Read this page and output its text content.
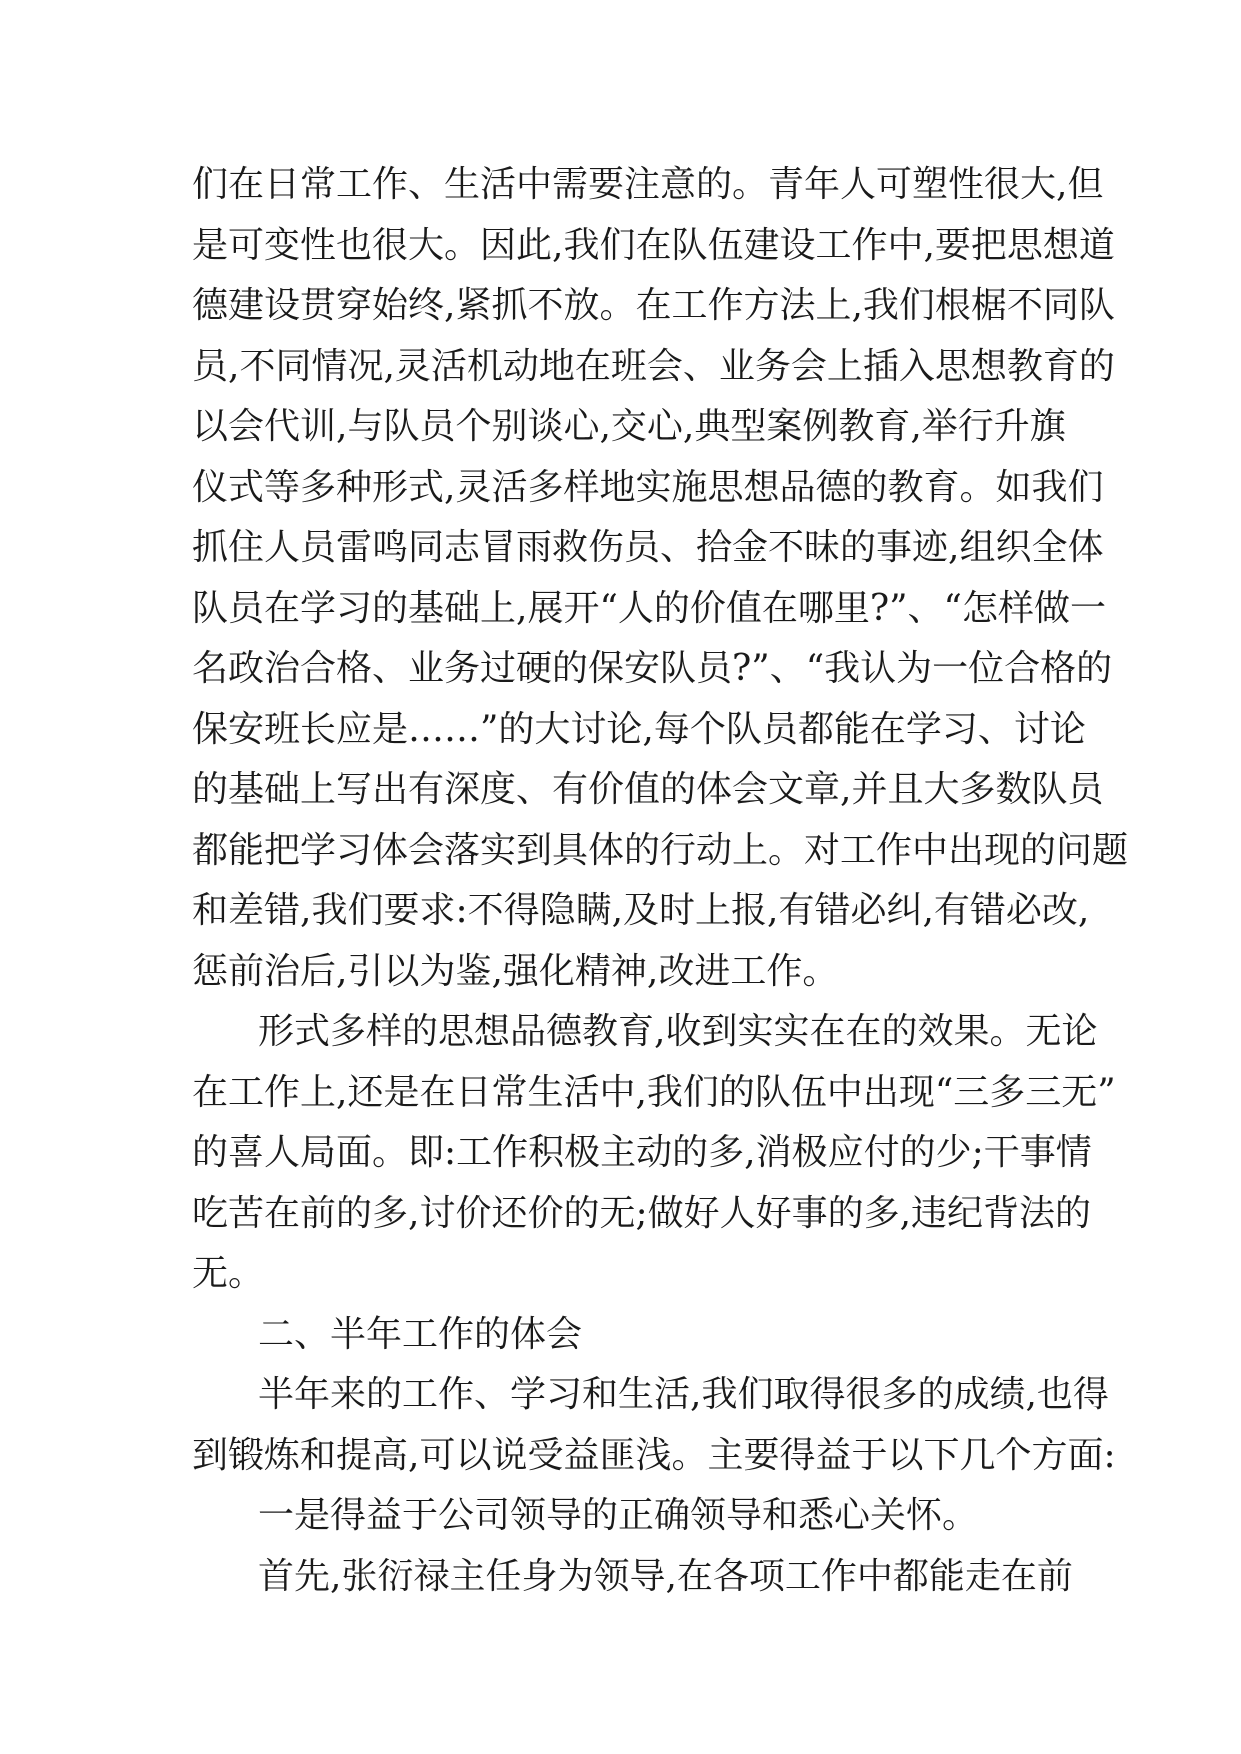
们在日常工作、生活中需要注意的。青年人可塑性很大,但
是可变性也很大。因此,我们在队伍建设工作中,要把思想道
德建设贯穿始终,紧抓不放。在工作方法上,我们根椐不同队
员,不同情况,灵活机动地在班会、业务会上插入思想教育的
以会代训,与队员个别谈心,交心,典型案例教育,举行升旗
仪式等多种形式,灵活多样地实施思想品德的教育。如我们
抓住人员雷鸣同志冒雨救伤员、拾金不昧的事迹,组织全体
队员在学习的基础上,展开“人的价值在哪里?”、“怎样做一
名政治合格、业务过硬的保安队员?”、“我认为一位合格的
保安班长应是……”的大讨论,每个队员都能在学习、讨论
的基础上写出有深度、有价值的体会文章,并且大多数队员
都能把学习体会落实到具体的行动上。对工作中出现的问题
和差错,我们要求:不得隐瞒,及时上报,有错必纠,有错必改,
惩前治后,引以为鉴,强化精神,改进工作。
形式多样的思想品德教育,收到实实在在的效果。无论
在工作上,还是在日常生活中,我们的队伍中出现“三多三无”
的喜人局面。即:工作积极主动的多,消极应付的少;干事情
吃苦在前的多,讨价还价的无;做好人好事的多,违纪背法的
无。
二、半年工作的体会
半年来的工作、学习和生活,我们取得很多的成绩,也得
到锻炼和提高,可以说受益匪浅。主要得益于以下几个方面:
一是得益于公司领导的正确领导和悉心关怀。
首先,张衍禄主任身为领导,在各项工作中都能走在前
